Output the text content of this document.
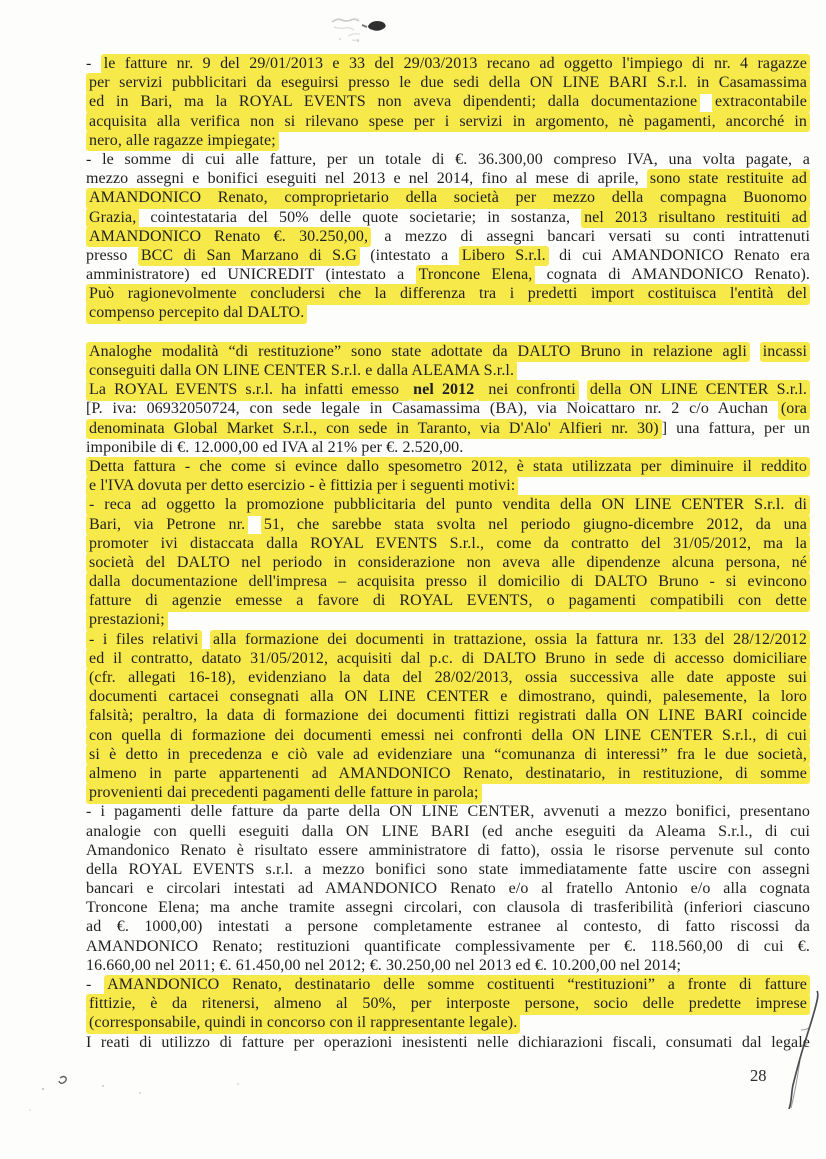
- le fatture nr. 9 del 29/01/2013 e 33 del 29/03/2013 recano ad oggetto l'impiego di nr. 4 ragazze
per servizi pubblicitari da eseguirsi presso le due sedi della ON LINE BARI S.r.l. in Casamassima
ed in Bari, ma la ROYAL EVENTS non aveva dipendenti; dalla documentazione extracontabile
acquisita alla verifica non si rilevano spese per i servizi in argomento, nè pagamenti, ancorché in
nero, alle ragazze impiegate;
- le somme di cui alle fatture, per un totale di €. 36.300,00 compreso IVA, una volta pagate, a
mezzo assegni e bonifici eseguiti nel 2013 e nel 2014, fino al mese di aprile, sono state restituite ad
AMANDONICO Renato, comproprietario della società per mezzo della compagna Buonomo
Grazia, cointestataria del 50% delle quote societarie; in sostanza, nel 2013 risultano restituiti ad
AMANDONICO Renato €. 30.250,00, a mezzo di assegni bancari versati su conti intrattenuti
presso BCC di San Marzano di S.G (intestato a Libero S.r.l. di cui AMANDONICO Renato era
amministratore) ed UNICREDIT (intestato a Troncone Elena, cognata di AMANDONICO Renato).
Può ragionevolmente concludersi che la differenza tra i predetti import costituisca l'entità del
compenso percepito dal DALTO.
Analoghe modalità “di restituzione” sono state adottate da DALTO Bruno in relazione agli incassi
conseguiti dalla ON LINE CENTER S.r.l. e dalla ALEAMA S.r.l.
La ROYAL EVENTS s.r.l. ha infatti emesso nel 2012 nei confronti della ON LINE CENTER S.r.l.
[P. iva: 06932050724, con sede legale in Casamassima (BA), via Noicattaro nr. 2 c/o Auchan (ora
denominata Global Market S.r.l., con sede in Taranto, via D'Alo' Alfieri nr. 30) ] una fattura, per un
imponibile di €. 12.000,00 ed IVA al 21% per €. 2.520,00.
Detta fattura - che come si evince dallo spesometro 2012, è stata utilizzata per diminuire il reddito
e l'IVA dovuta per detto esercizio - è fittizia per i seguenti motivi:
- reca ad oggetto la promozione pubblicitaria del punto vendita della ON LINE CENTER S.r.l. di
Bari, via Petrone nr. 51, che sarebbe stata svolta nel periodo giugno-dicembre 2012, da una
promoter ivi distaccata dalla ROYAL EVENTS S.r.l., come da contratto del 31/05/2012, ma la
società del DALTO nel periodo in considerazione non aveva alle dipendenze alcuna persona, né
dalla documentazione dell'impresa – acquisita presso il domicilio di DALTO Bruno - si evincono
fatture di agenzie emesse a favore di ROYAL EVENTS, o pagamenti compatibili con dette
prestazioni;
- i files relativi alla formazione dei documenti in trattazione, ossia la fattura nr. 133 del 28/12/2012
ed il contratto, datato 31/05/2012, acquisiti dal p.c. di DALTO Bruno in sede di accesso domiciliare
(cfr. allegati 16-18), evidenziano la data del 28/02/2013, ossia successiva alle date apposte sui
documenti cartacei consegnati alla ON LINE CENTER e dimostrano, quindi, palesemente, la loro
falsità; peraltro, la data di formazione dei documenti fittizi registrati dalla ON LINE BARI coincide
con quella di formazione dei documenti emessi nei confronti della ON LINE CENTER S.r.l., di cui
si è detto in precedenza e ciò vale ad evidenziare una “comunanza di interessi” fra le due società,
almeno in parte appartenenti ad AMANDONICO Renato, destinatario, in restituzione, di somme
provenienti dai precedenti pagamenti delle fatture in parola;
- i pagamenti delle fatture da parte della ON LINE CENTER, avvenuti a mezzo bonifici, presentano
analogie con quelli eseguiti dalla ON LINE BARI (ed anche eseguiti da Aleama S.r.l., di cui
Amandonico Renato è risultato essere amministratore di fatto), ossia le risorse pervenute sul conto
della ROYAL EVENTS s.r.l. a mezzo bonifici sono state immediatamente fatte uscire con assegni
bancari e circolari intestati ad AMANDONICO Renato e/o al fratello Antonio e/o alla cognata
Troncone Elena; ma anche tramite assegni circolari, con clausola di trasferibilità (inferiori ciascuno
ad €. 1000,00) intestati a persone completamente estranee al contesto, di fatto riscossi da
AMANDONICO Renato; restituzioni quantificate complessivamente per €. 118.560,00 di cui €.
16.660,00 nel 2011; €. 61.450,00 nel 2012; €. 30.250,00 nel 2013 ed €. 10.200,00 nel 2014;
- AMANDONICO Renato, destinatario delle somme costituenti “restituzioni” a fronte di fatture
fittizie, è da ritenersi, almeno al 50%, per interposte persone, socio delle predette imprese
(corresponsabile, quindi in concorso con il rappresentante legale).
I reati di utilizzo di fatture per operazioni inesistenti nelle dichiarazioni fiscali, consumati dal legale
28
